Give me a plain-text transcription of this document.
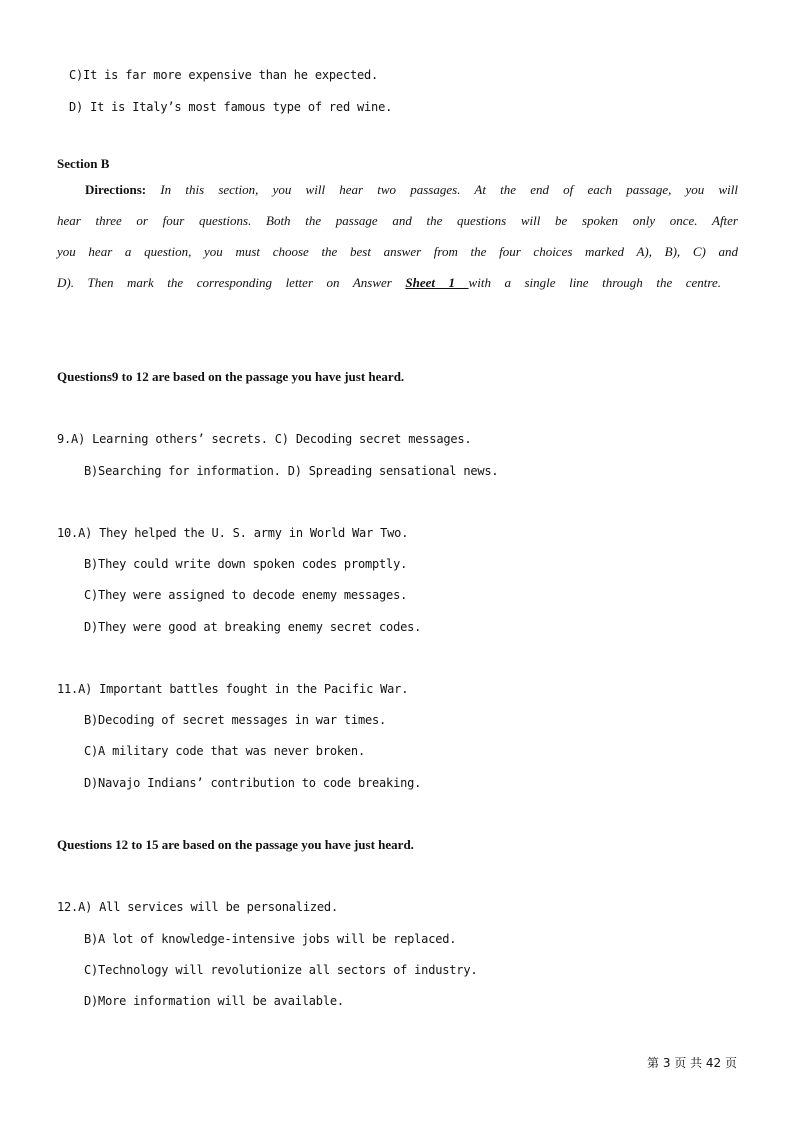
C)It is far more expensive than he expected.
D) It is Italy’s most famous type of red wine.
Section B
Directions: In this section, you will hear two passages. At the end of each passage, you will
hear three or four questions. Both the passage and the questions will be spoken only once. After
you hear a question, you must choose the best answer from the four choices marked A), B), C) and
D). Then mark the corresponding letter on Answer Sheet 1 with a single line through the centre.
Questions9 to 12 are based on the passage you have just heard.
9.A) Learning others’ secrets. C) Decoding secret messages.
B)Searching for information. D) Spreading sensational news.
10.A) They helped the U. S. army in World War Two.
B)They could write down spoken codes promptly.
C)They were assigned to decode enemy messages.
D)They were good at breaking enemy secret codes.
11.A) Important battles fought in the Pacific War.
B)Decoding of secret messages in war times.
C)A military code that was never broken.
D)Navajo Indians’ contribution to code breaking.
Questions 12 to 15 are based on the passage you have just heard.
12.A) All services will be personalized.
B)A lot of knowledge-intensive jobs will be replaced.
C)Technology will revolutionize all sectors of industry.
D)More information will be available.
第 3 页 共 42 页
